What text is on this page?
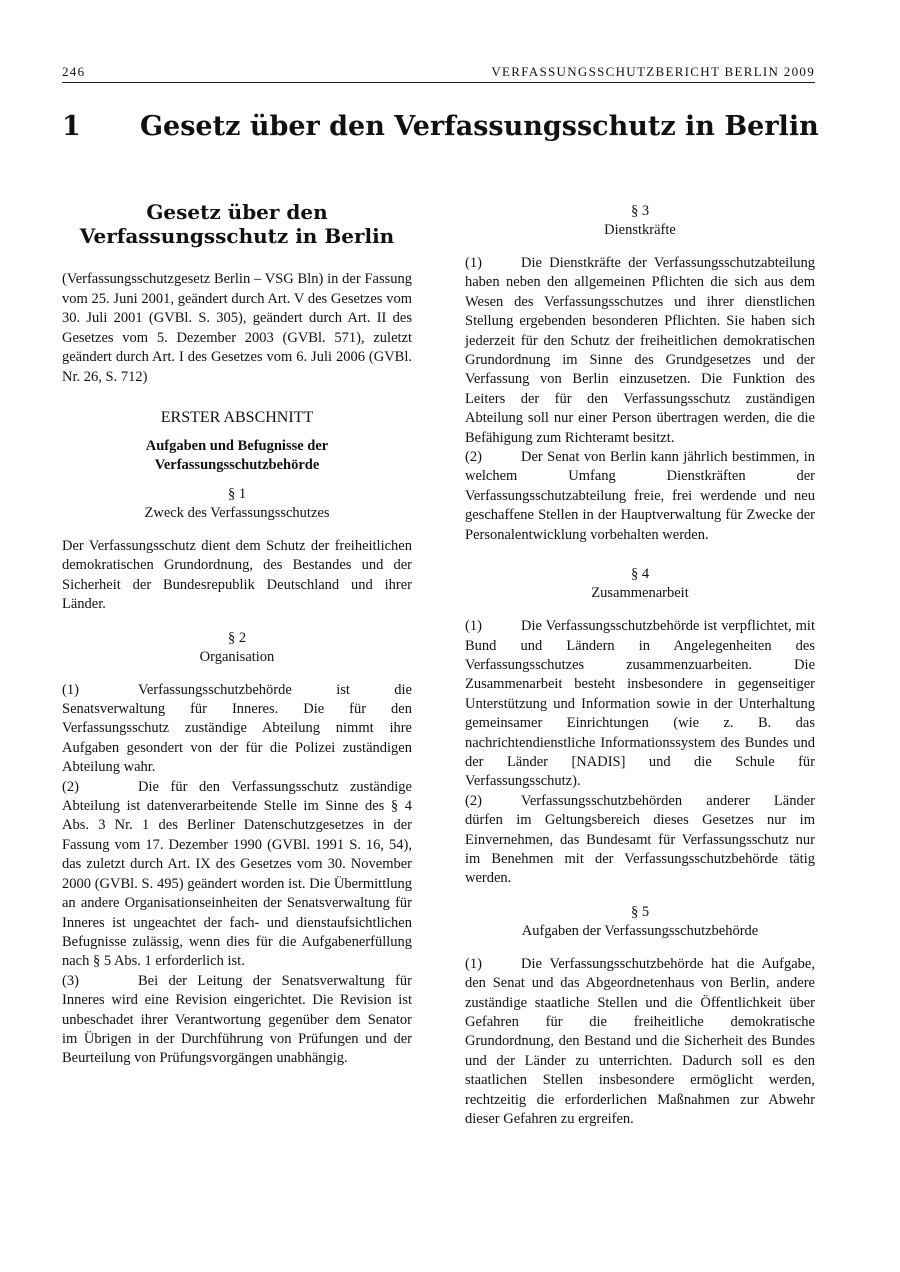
246	VERFASSUNGSSCHUTZBERICHT BERLIN 2009
1 Gesetz über den Verfassungsschutz in Berlin
Gesetz über den
Verfassungsschutz in Berlin

(Verfassungsschutzgesetz Berlin – VSG Bln) in der Fassung vom 25. Juni 2001, geändert durch Art. V des Gesetzes vom 30. Juli 2001 (GVBl. S. 305), geändert durch Art. II des Gesetzes vom 5. Dezember 2003 (GVBl. 571), zuletzt geändert durch Art. I des Gesetzes vom 6. Juli 2006 (GVBl. Nr. 26, S. 712)

ERSTER ABSCHNITT
Aufgaben und Befugnisse der
Verfassungsschutzbehörde
§ 1
Zweck des Verfassungsschutzes

Der Verfassungsschutz dient dem Schutz der freiheitlichen demokratischen Grundordnung, des Bestandes und der Sicherheit der Bundesrepublik Deutschland und ihrer Länder.

§ 2
Organisation

(1)	Verfassungsschutzbehörde ist die Senatsverwaltung für Inneres. Die für den Verfassungsschutz zuständige Abteilung nimmt ihre Aufgaben gesondert von der für die Polizei zuständigen Abteilung wahr.

(2)	Die für den Verfassungsschutz zuständige Abteilung ist datenverarbeitende Stelle im Sinne des § 4 Abs. 3 Nr. 1 des Berliner Datenschutzgesetzes in der Fassung vom 17. Dezember 1990 (GVBl. 1991 S. 16, 54), das zuletzt durch Art. IX des Gesetzes vom 30. November 2000 (GVBl. S. 495) geändert worden ist. Die Übermittlung an andere Organisationseinheiten der Senatsverwaltung für Inneres ist ungeachtet der fach- und dienstaufsichtlichen Befugnisse zulässig, wenn dies für die Aufgabenerfüllung nach § 5 Abs. 1 erforderlich ist.

(3)	Bei der Leitung der Senatsverwaltung für Inneres wird eine Revision eingerichtet. Die Revision ist unbeschadet ihrer Verantwortung gegenüber dem Senator im Übrigen in der Durchführung von Prüfungen und der Beurteilung von Prüfungsvorgängen unabhängig.

§ 3
Dienstkräfte

(1)	Die Dienstkräfte der Verfassungsschutzabteilung haben neben den allgemeinen Pflichten die sich aus dem Wesen des Verfassungsschutzes und ihrer dienstlichen Stellung ergebenden besonderen Pflichten. Sie haben sich jederzeit für den Schutz der freiheitlichen demokratischen Grundordnung im Sinne des Grundgesetzes und der Verfassung von Berlin einzusetzen. Die Funktion des Leiters der für den Verfassungsschutz zuständigen Abteilung soll nur einer Person übertragen werden, die die Befähigung zum Richteramt besitzt.

(2)	Der Senat von Berlin kann jährlich bestimmen, in welchem Umfang Dienstkräften der Verfassungsschutzabteilung freie, frei werdende und neu geschaffene Stellen in der Hauptverwaltung für Zwecke der Personalentwicklung vorbehalten werden.

§ 4
Zusammenarbeit

(1)	Die Verfassungsschutzbehörde ist verpflichtet, mit Bund und Ländern in Angelegenheiten des Verfassungsschutzes zusammenzuarbeiten. Die Zusammenarbeit besteht insbesondere in gegenseitiger Unterstützung und Information sowie in der Unterhaltung gemeinsamer Einrichtungen (wie z. B. das nachrichtendienstliche Informationssystem des Bundes und der Länder [NADIS] und die Schule für Verfassungsschutz).

(2)	Verfassungsschutzbehörden anderer Länder dürfen im Geltungsbereich dieses Gesetzes nur im Einvernehmen, das Bundesamt für Verfassungsschutz nur im Benehmen mit der Verfassungsschutzbehörde tätig werden.

§ 5
Aufgaben der Verfassungsschutzbehörde

(1)	Die Verfassungsschutzbehörde hat die Aufgabe, den Senat und das Abgeordnetenhaus von Berlin, andere zuständige staatliche Stellen und die Öffentlichkeit über Gefahren für die freiheitliche demokratische Grundordnung, den Bestand und die Sicherheit des Bundes und der Länder zu unterrichten. Dadurch soll es den staatlichen Stellen insbesondere ermöglicht werden, rechtzeitig die erforderlichen Maßnahmen zur Abwehr dieser Gefahren zu ergreifen.
